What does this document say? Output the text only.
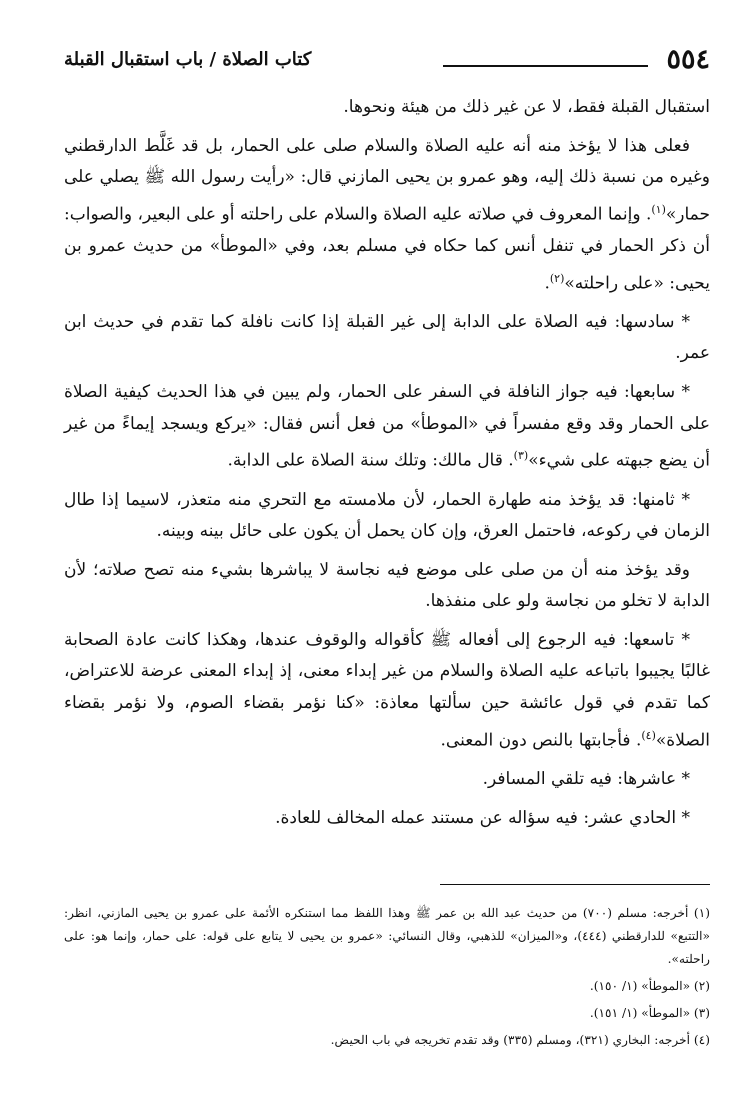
٥٥٤
كتاب الصلاة / باب استقبال القبلة

استقبال القبلة فقط، لا عن غير ذلك من هيئة ونحوها.

فعلى هذا لا يؤخذ منه أنه عليه الصلاة والسلام صلى على الحمار، بل قد غَلَّط الدارقطني وغيره من نسبة ذلك إليه، وهو عمرو بن يحيى المازني قال: «رأيت رسول الله ﷺ يصلي على حمار»$^{(١)}$. وإنما المعروف في صلاته عليه الصلاة والسلام على راحلته أو على البعير، والصواب: أن ذكر الحمار في تنفل أنس كما حكاه في مسلم بعد، وفي «الموطأ» من حديث عمرو بن يحيى: «على راحلته»$^{(٢)}$.

* سادسها: فيه الصلاة على الدابة إلى غير القبلة إذا كانت نافلة كما تقدم في حديث ابن عمر.

* سابعها: فيه جواز النافلة في السفر على الحمار، ولم يبين في هذا الحديث كيفية الصلاة على الحمار وقد وقع مفسراً في «الموطأ» من فعل أنس فقال: «يركع ويسجد إيماءً من غير أن يضع جبهته على شيء»$^{(٣)}$. قال مالك: وتلك سنة الصلاة على الدابة.

* ثامنها: قد يؤخذ منه طهارة الحمار، لأن ملامسته مع التحري منه متعذر، لاسيما إذا طال الزمان في ركوعه، فاحتمل العرق، وإن كان يحمل أن يكون على حائل بينه وبينه.

وقد يؤخذ منه أن من صلى على موضع فيه نجاسة لا يباشرها بشيء منه تصح صلاته؛ لأن الدابة لا تخلو من نجاسة ولو على منفذها.

* تاسعها: فيه الرجوع إلى أفعاله ﷺ كأقواله والوقوف عندها، وهكذا كانت عادة الصحابة غالبًا يجيبوا باتباعه عليه الصلاة والسلام من غير إبداء معنى، إذ إبداء المعنى عرضة للاعتراض، كما تقدم في قول عائشة حين سألتها معاذة: «كنا نؤمر بقضاء الصوم، ولا نؤمر بقضاء الصلاة»$^{(٤)}$. فأجابتها بالنص دون المعنى.

* عاشرها: فيه تلقي المسافر.

* الحادي عشر: فيه سؤاله عن مستند عمله المخالف للعادة.

(١) أخرجه: مسلم (٧٠٠) من حديث عبد الله بن عمر ﷺ وهذا اللفظ مما استنكره الأئمة على عمرو بن يحيى المازني، انظر: «التتبع» للدارقطني (٤٤٤)، و«الميزان» للذهبي، وقال النسائي: «عمرو بن يحيى لا يتابع على قوله: على حمار، وإنما هو: على راحلته».

(٢) «الموطأ» (١/ ١٥٠).

(٣) «الموطأ» (١/ ١٥١).

(٤) أخرجه: البخاري (٣٢١)، ومسلم (٣٣٥) وقد تقدم تخريجه في باب الحيض.
